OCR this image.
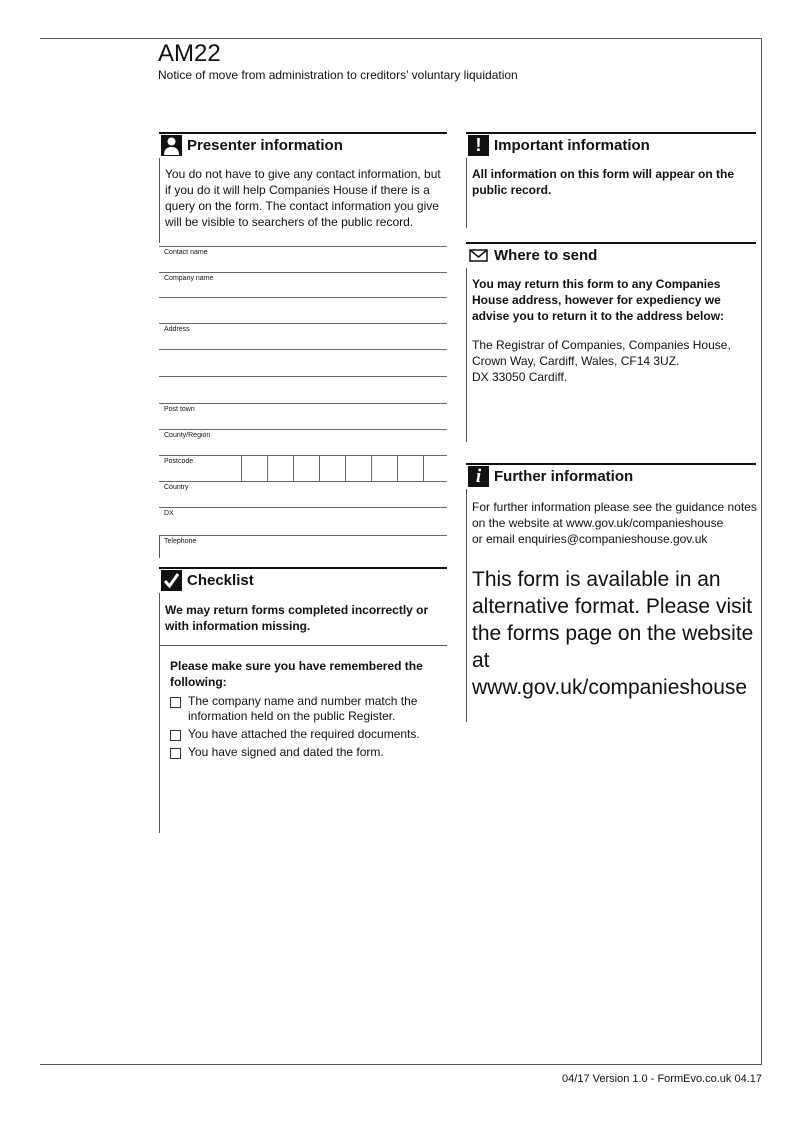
AM22
Notice of move from administration to creditors’ voluntary liquidation
Presenter information
You do not have to give any contact information, but if you do it will help Companies House if there is a query on the form. The contact information you give will be visible to searchers of the public record.
Contact name
Company name
Address
Post town
County/Region
Postcode
Country
DX
Telephone
Checklist
We may return forms completed incorrectly or with information missing.
Please make sure you have remembered the following:
The company name and number match the information held on the public Register.
You have attached the required documents.
You have signed and dated the form.
! Important information
All information on this form will appear on the public record.
Where to send
You may return this form to any Companies House address, however for expediency we advise you to return it to the address below:
The Registrar of Companies, Companies House,
Crown Way, Cardiff, Wales, CF14 3UZ.
DX 33050 Cardiff.
i Further information
For further information please see the guidance notes
on the website at www.gov.uk/companieshouse
or email enquiries@companieshouse.gov.uk
This form is available in an alternative format. Please visit the forms page on the website at www.gov.uk/companieshouse
04/17 Version 1.0 - FormEvo.co.uk 04.17
